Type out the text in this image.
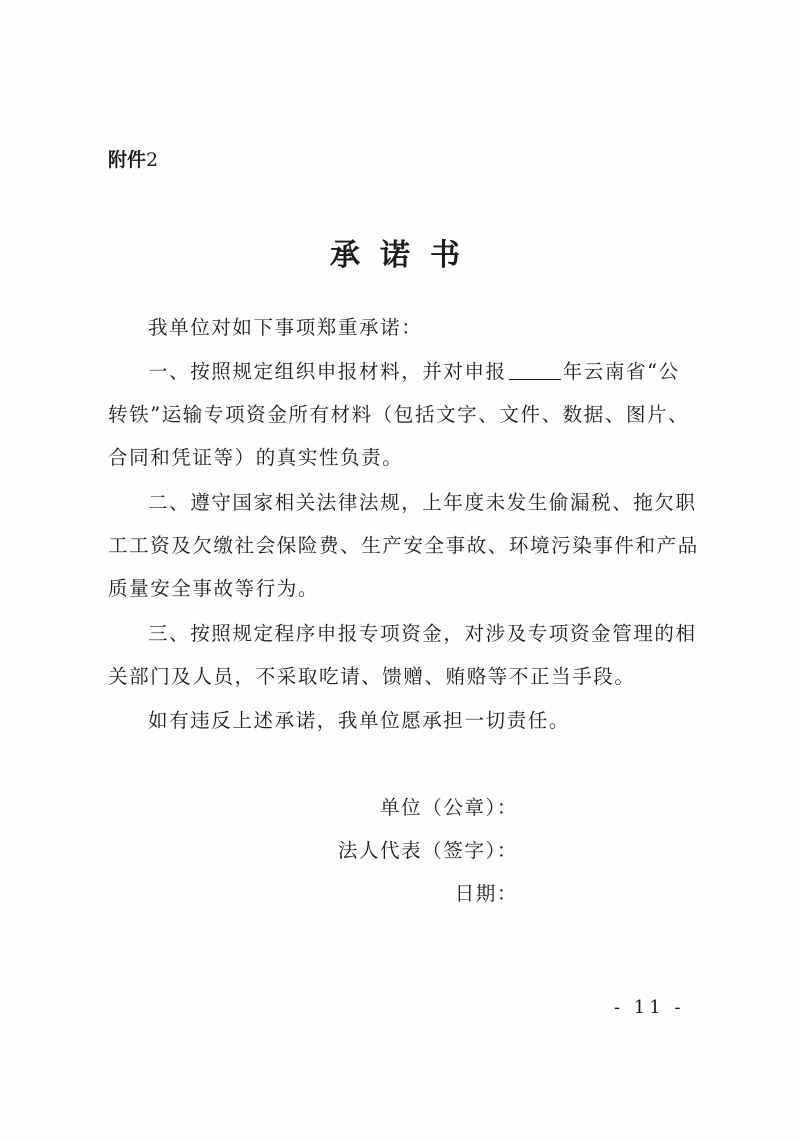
附件2
承诺书
我单位对如下事项郑重承诺：
一、按照规定组织申报材料，并对申报	年云南省“公
转铁”运输专项资金所有材料（包括文字、文件、数据、图片、
合同和凭证等）的真实性负责。
二、遵守国家相关法律法规，上年度未发生偷漏税、拖欠职
工工资及欠缴社会保险费、生产安全事故、环境污染事件和产品
质量安全事故等行为。
三、按照规定程序申报专项资金，对涉及专项资金管理的相
关部门及人员，不采取吃请、馈赠、贿赂等不正当手段。
如有违反上述承诺，我单位愿承担一切责任。
单位（公章）：
法人代表（签字）：
日期：
- 11 -
